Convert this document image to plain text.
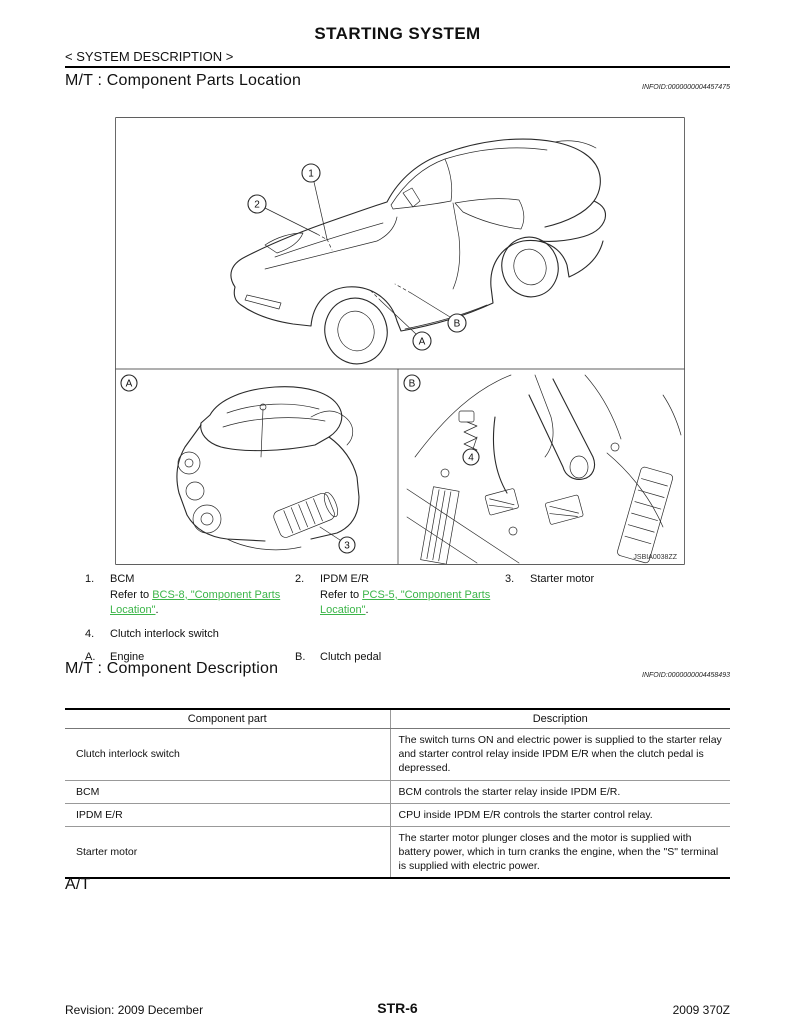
STARTING SYSTEM
< SYSTEM DESCRIPTION >
M/T : Component Parts Location	INFOID:0000000004457475
1
2
A
B
A
3
B
4
JSBIA0038ZZ
1.	BCM
Refer to BCS-8, "Component Parts Location".
2.	IPDM E/R
Refer to PCS-5, "Component Parts Location".
3.	Starter motor
4.	Clutch interlock switch
A.	Engine	B.	Clutch pedal
M/T : Component Description	INFOID:0000000004458493
Component part	Description
Clutch interlock switch	The switch turns ON and electric power is supplied to the starter relay and starter control relay inside IPDM E/R when the clutch pedal is depressed.
BCM	BCM controls the starter relay inside IPDM E/R.
IPDM E/R	CPU inside IPDM E/R controls the starter control relay.
Starter motor	The starter motor plunger closes and the motor is supplied with battery power, which in turn cranks the engine, when the "S" terminal is supplied with electric power.
A/T
Revision: 2009 December	STR-6	2009 370Z
